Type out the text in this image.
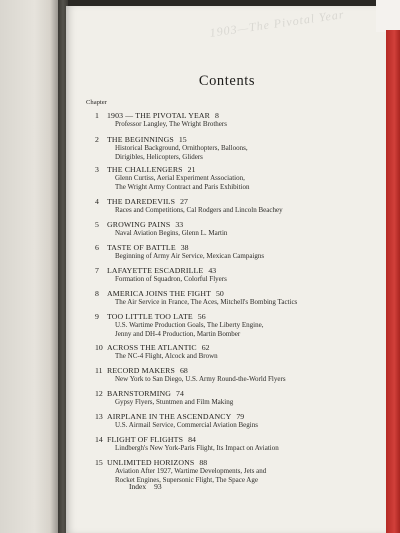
1903—The Pivotal Year
Contents
Chapter
1 1903 — THE PIVOTAL YEAR 8
Professor Langley, The Wright Brothers
2 THE BEGINNINGS 15
Historical Background, Ornithopters, Balloons,
Dirigibles, Helicopters, Gliders
3 THE CHALLENGERS 21
Glenn Curtiss, Aerial Experiment Association,
The Wright Army Contract and Paris Exhibition
4 THE DAREDEVILS 27
Races and Competitions, Cal Rodgers and Lincoln Beachey
5 GROWING PAINS 33
Naval Aviation Begins, Glenn L. Martin
6 TASTE OF BATTLE 38
Beginning of Army Air Service, Mexican Campaigns
7 LAFAYETTE ESCADRILLE 43
Formation of Squadron, Colorful Flyers
8 AMERICA JOINS THE FIGHT 50
The Air Service in France, The Aces, Mitchell's Bombing Tactics
9 TOO LITTLE TOO LATE 56
U.S. Wartime Production Goals, The Liberty Engine,
Jenny and DH-4 Production, Martin Bomber
10 ACROSS THE ATLANTIC 62
The NC-4 Flight, Alcock and Brown
11 RECORD MAKERS 68
New York to San Diego, U.S. Army Round-the-World Flyers
12 BARNSTORMING 74
Gypsy Flyers, Stuntmen and Film Making
13 AIRPLANE IN THE ASCENDANCY 79
U.S. Airmail Service, Commercial Aviation Begins
14 FLIGHT OF FLIGHTS 84
Lindbergh's New York-Paris Flight, Its Impact on Aviation
15 UNLIMITED HORIZONS 88
Aviation After 1927, Wartime Developments, Jets and
Rocket Engines, Supersonic Flight, The Space Age
Index 93
